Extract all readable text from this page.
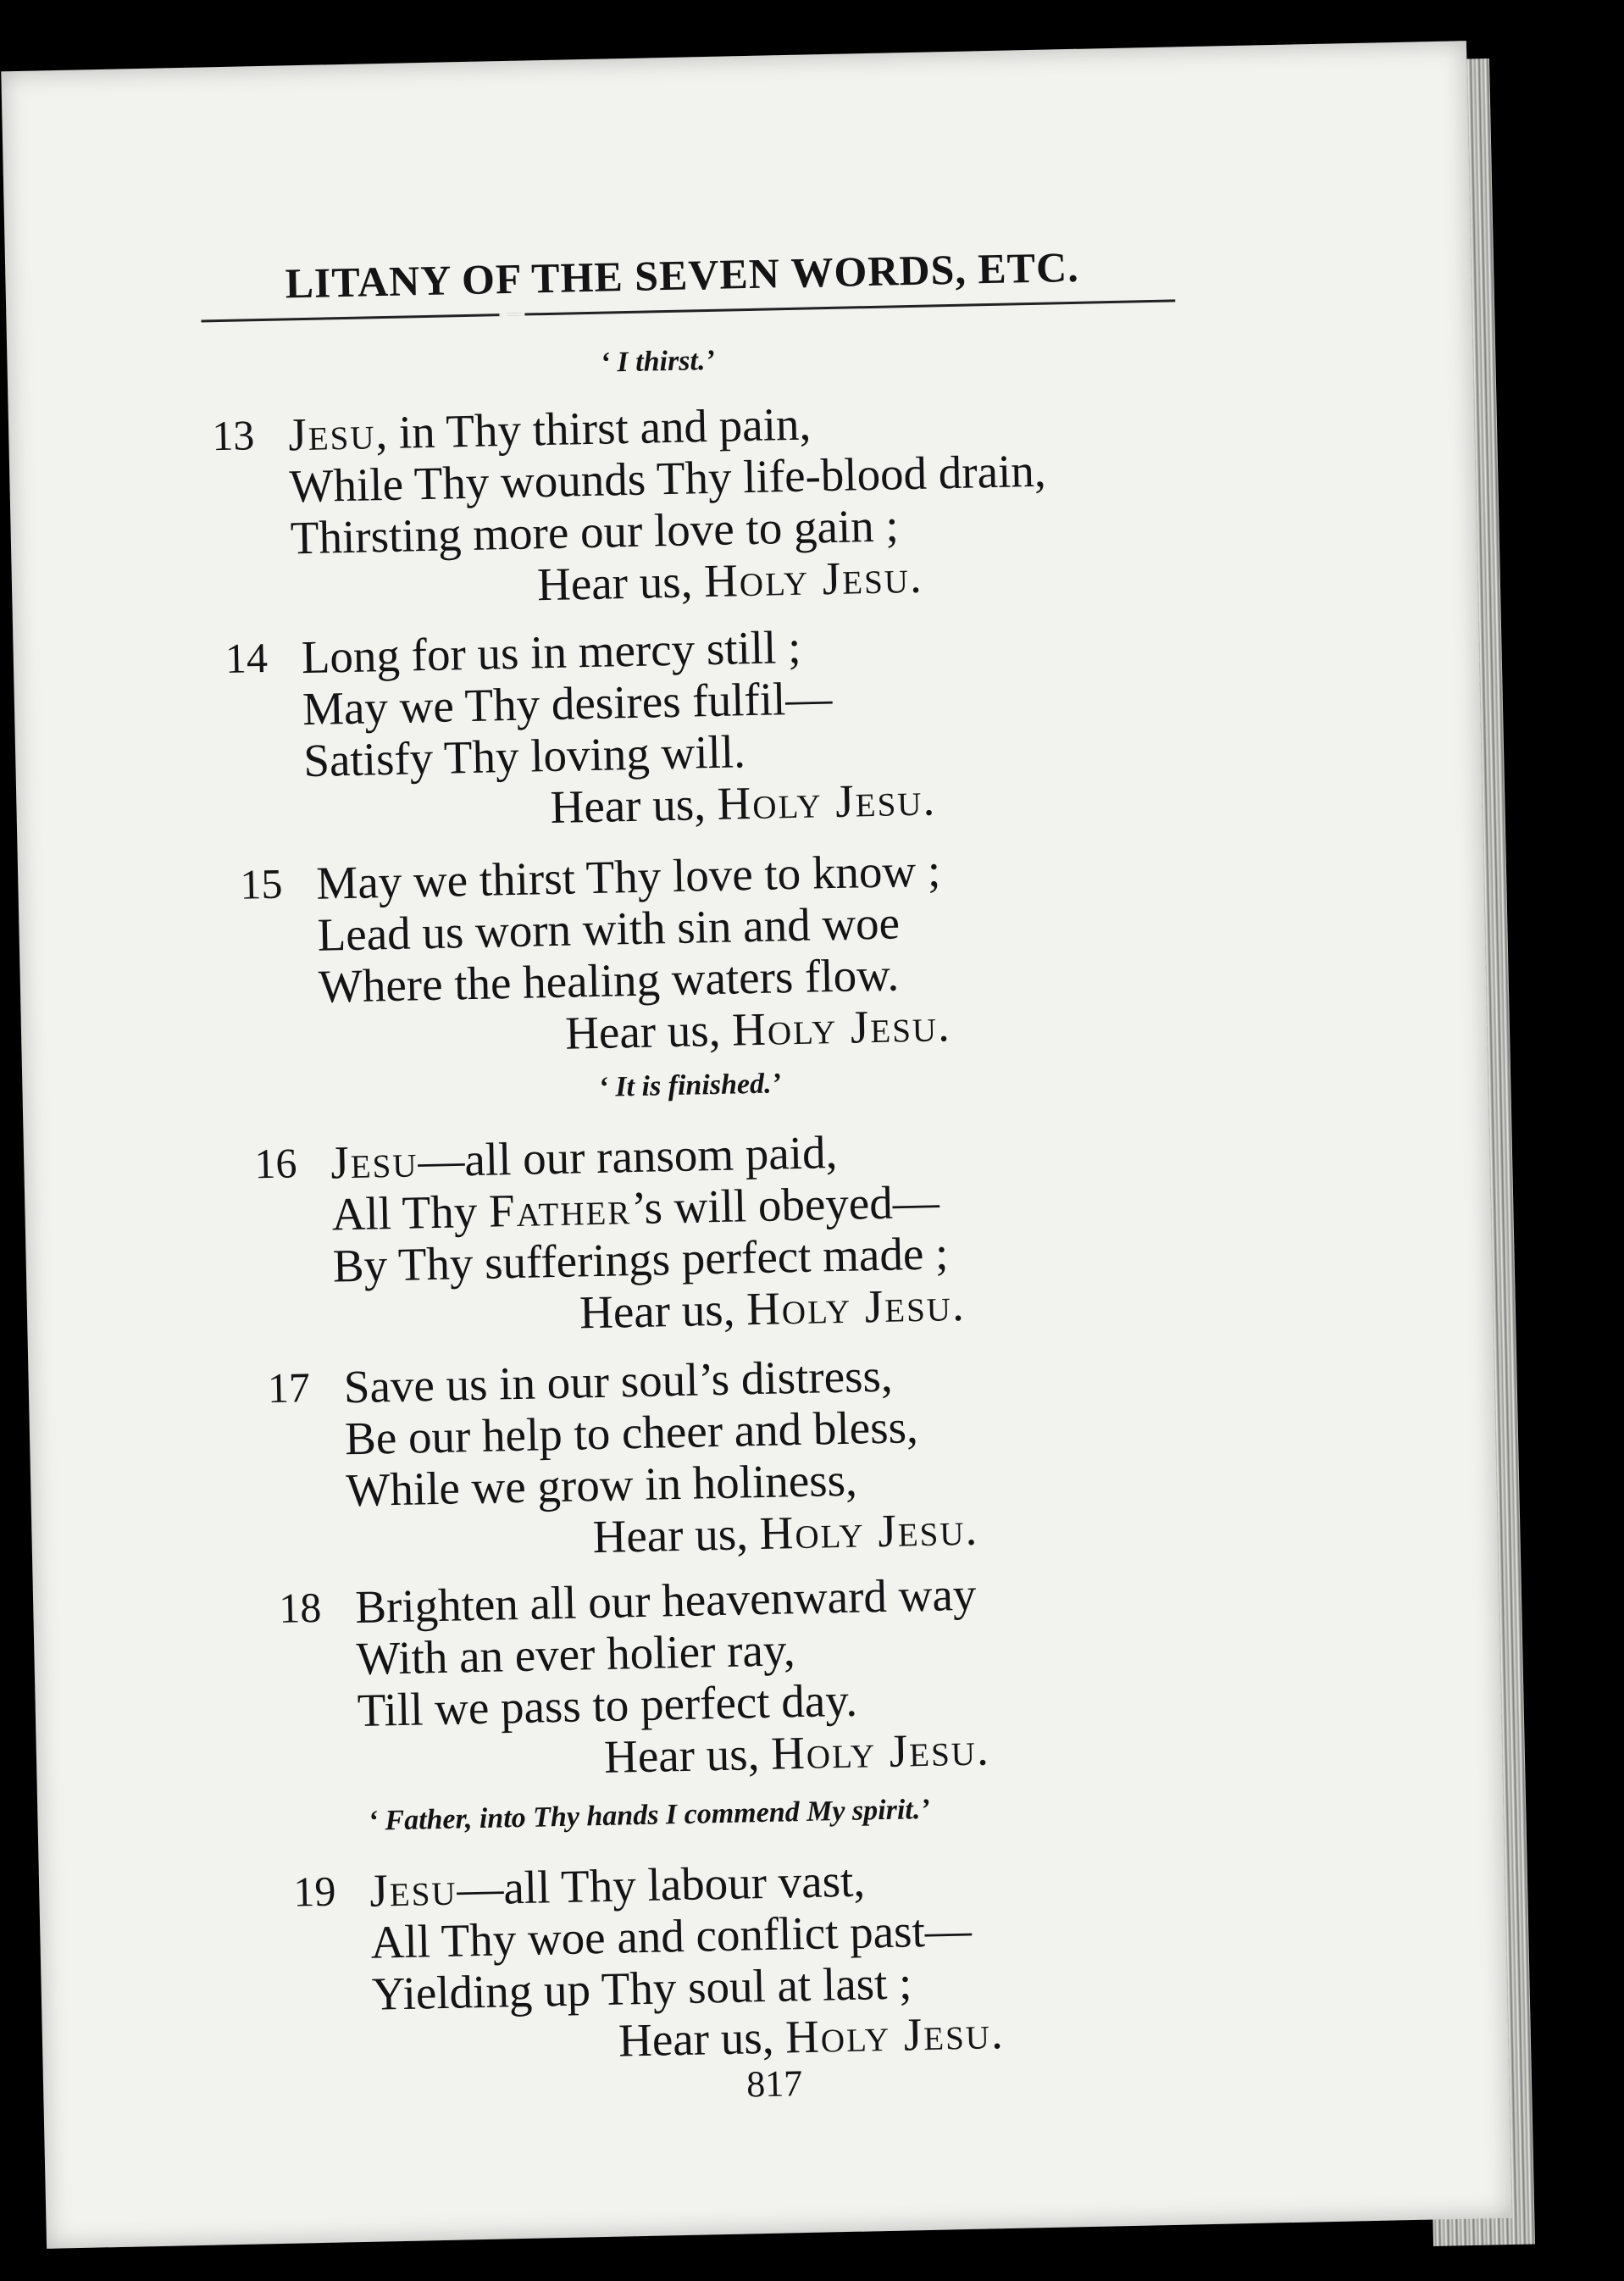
LITANY OF THE SEVEN WORDS, ETC.
‘ I thirst.’
13 Jesu, in Thy thirst and pain,
While Thy wounds Thy life-blood drain,
Thirsting more our love to gain ;
Hear us, Holy Jesu.
14 Long for us in mercy still ;
May we Thy desires fulfil—
Satisfy Thy loving will.
Hear us, Holy Jesu.
15 May we thirst Thy love to know ;
Lead us worn with sin and woe
Where the healing waters flow.
Hear us, Holy Jesu.
‘ It is finished.’
16 Jesu—all our ransom paid,
All Thy Father’s will obeyed—
By Thy sufferings perfect made ;
Hear us, Holy Jesu.
17 Save us in our soul’s distress,
Be our help to cheer and bless,
While we grow in holiness,
Hear us, Holy Jesu.
18 Brighten all our heavenward way
With an ever holier ray,
Till we pass to perfect day.
Hear us, Holy Jesu.
‘ Father, into Thy hands I commend My spirit.’
19 Jesu—all Thy labour vast,
All Thy woe and conflict past—
Yielding up Thy soul at last ;
Hear us, Holy Jesu.
817
